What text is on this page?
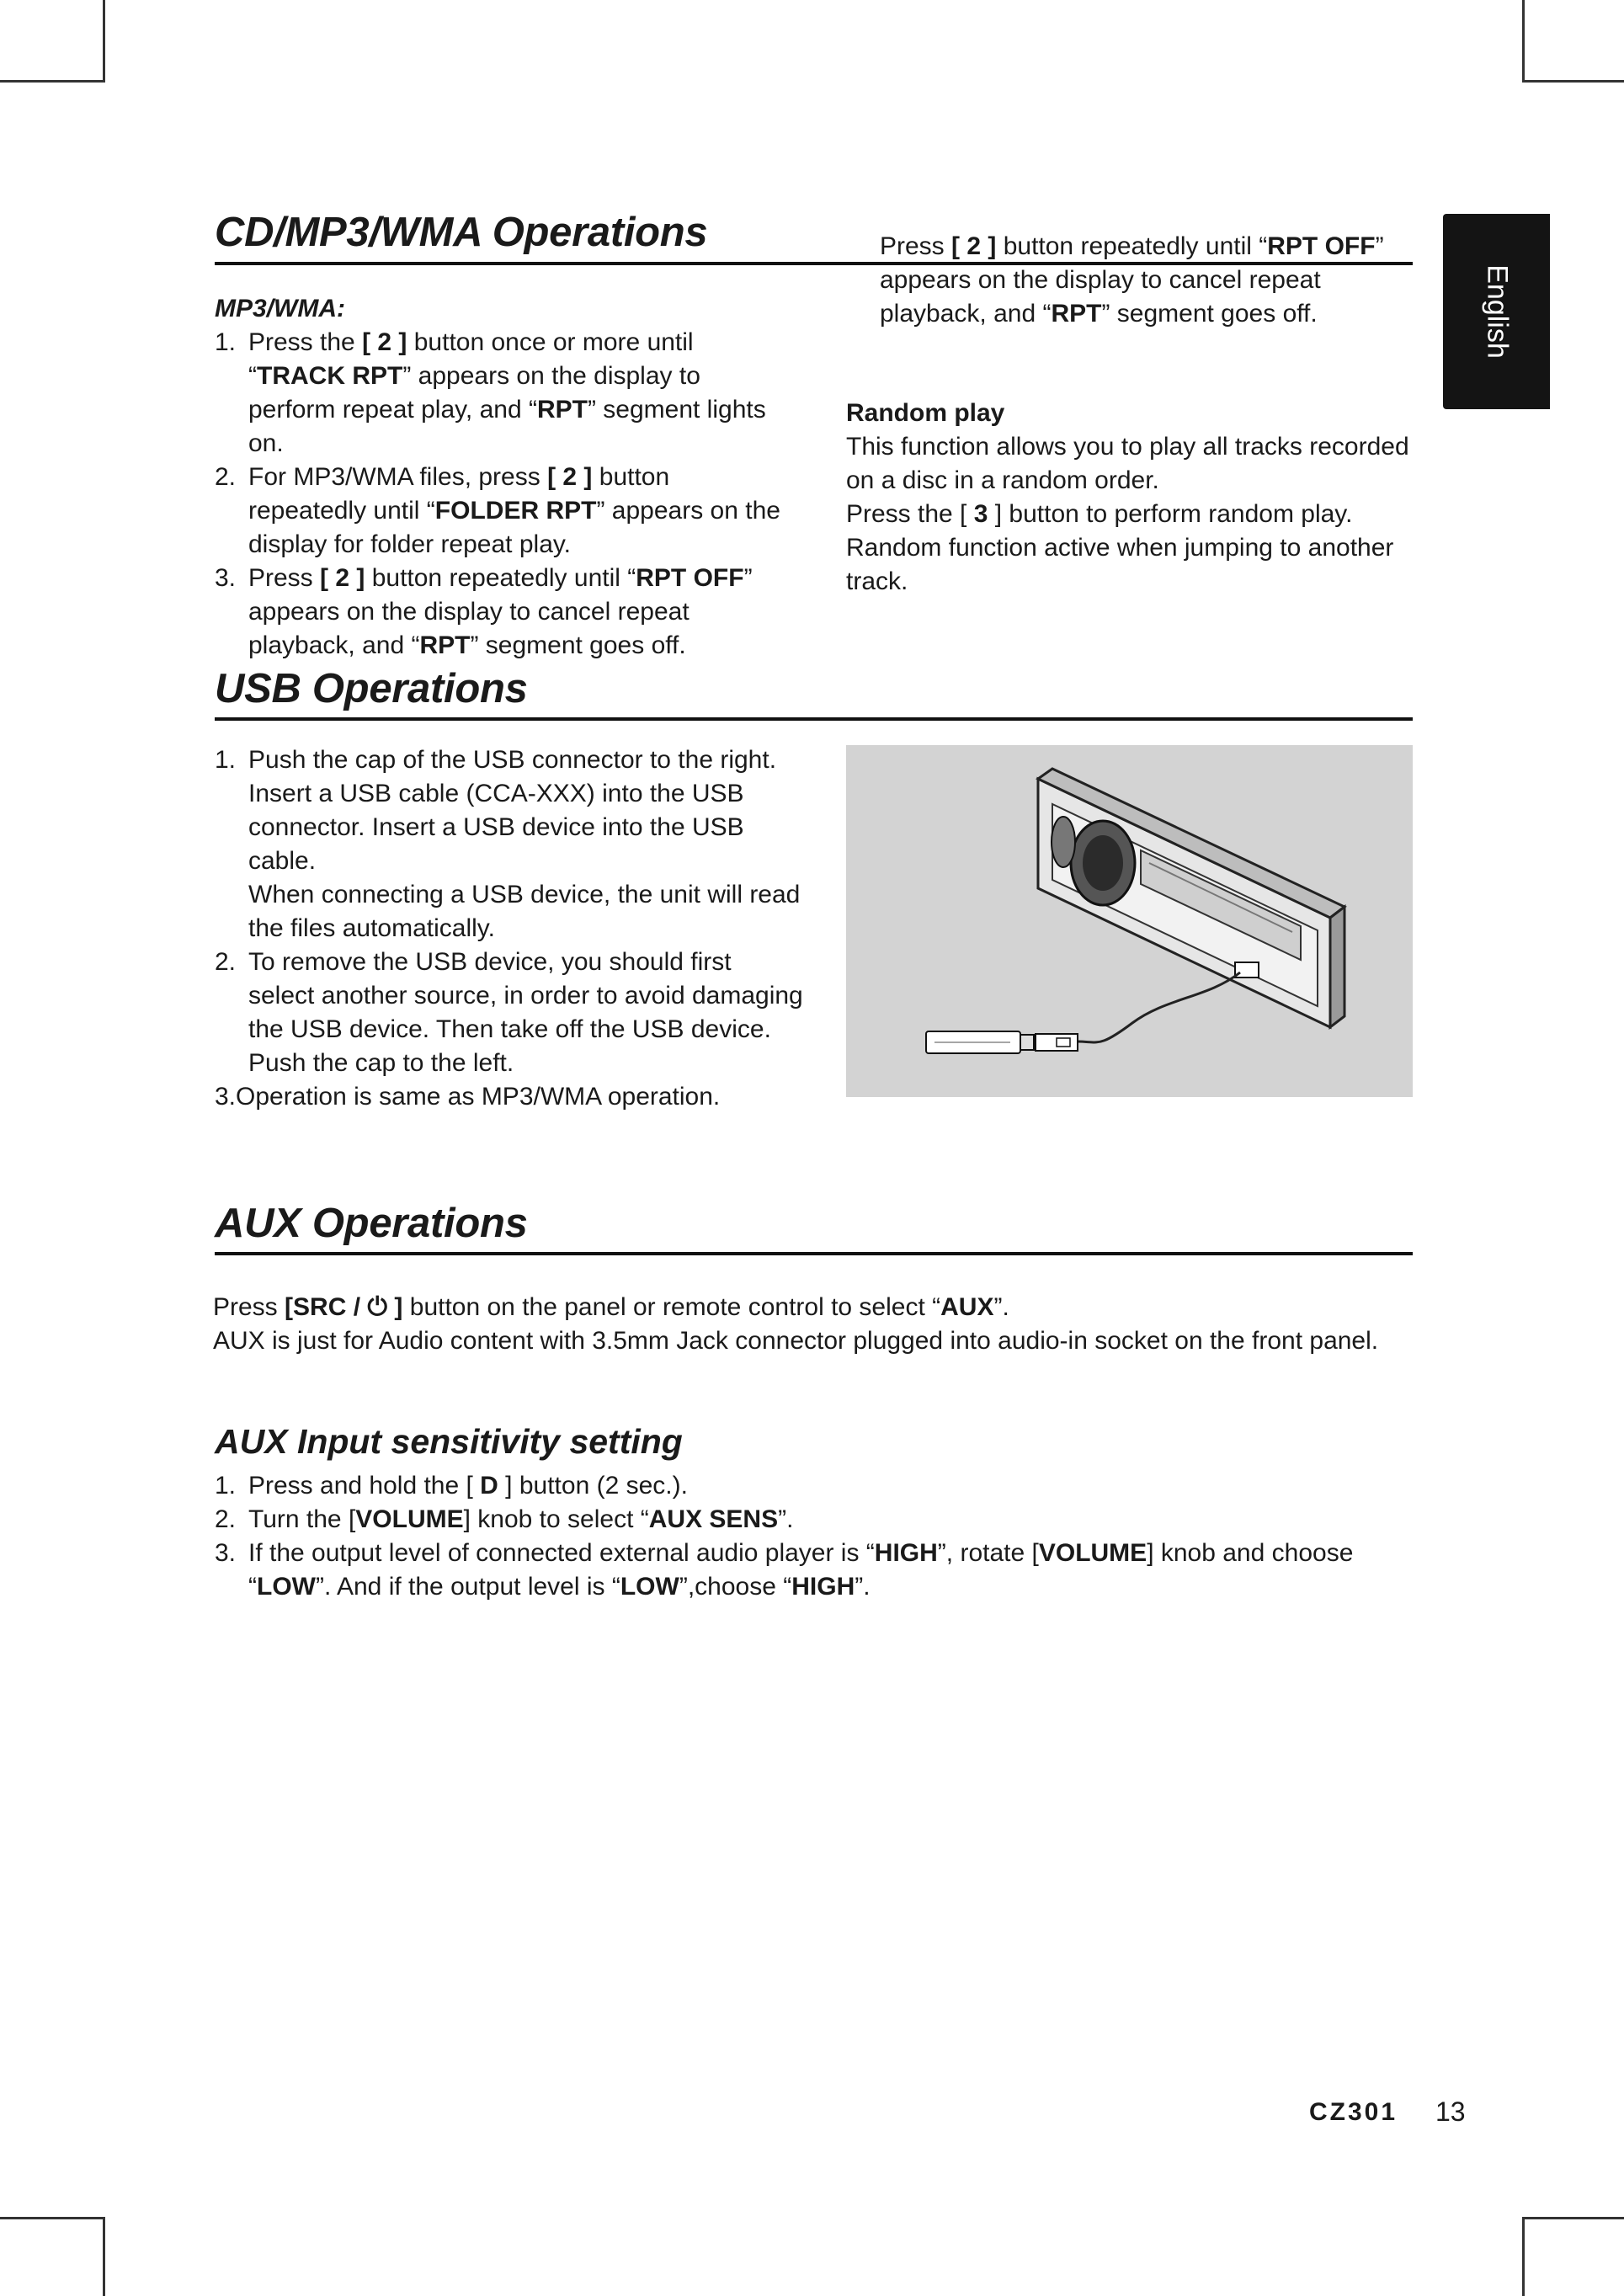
English
CD/MP3/WMA Operations
MP3/WMA:
1. Press the [ 2 ] button once or more until “TRACK RPT” appears on the display to perform repeat play, and “RPT” segment lights on.
2. For MP3/WMA files, press [ 2 ] button repeatedly until “FOLDER RPT” appears on the display for folder repeat play.
3. Press [ 2 ] button repeatedly until “RPT OFF” appears on the display to cancel repeat playback, and “RPT” segment goes off.
Press [ 2 ] button repeatedly until “RPT OFF” appears on the display to cancel repeat playback, and “RPT” segment goes off.
Random play
This function allows you to play all tracks recorded on a disc in a random order.
Press the [ 3 ] button to perform random play.
Random function active when jumping to another track.
USB Operations
1. Push the cap of the USB connector to the right. Insert a USB cable (CCA-XXX) into the USB connector. Insert a USB device into the USB cable.
When connecting a USB device, the unit will read the files automatically.
2. To remove the USB device, you should first select another source, in order to avoid damaging the USB device. Then take off the USB device. Push the cap to the left.
3.Operation is same as MP3/WMA operation.
AUX Operations
Press [SRC / ⏻ ] button on the panel or remote control to select “AUX”.
AUX is just for Audio content with 3.5mm Jack connector plugged into audio-in socket on the front panel.
AUX Input sensitivity setting
1. Press and hold the [ D ] button (2 sec.).
2. Turn the [VOLUME] knob to select “AUX SENS”.
3. If the output level of connected external audio player is “HIGH”, rotate [VOLUME] knob and choose “LOW”. And if the output level is “LOW”,choose “HIGH”.
CZ301 13
